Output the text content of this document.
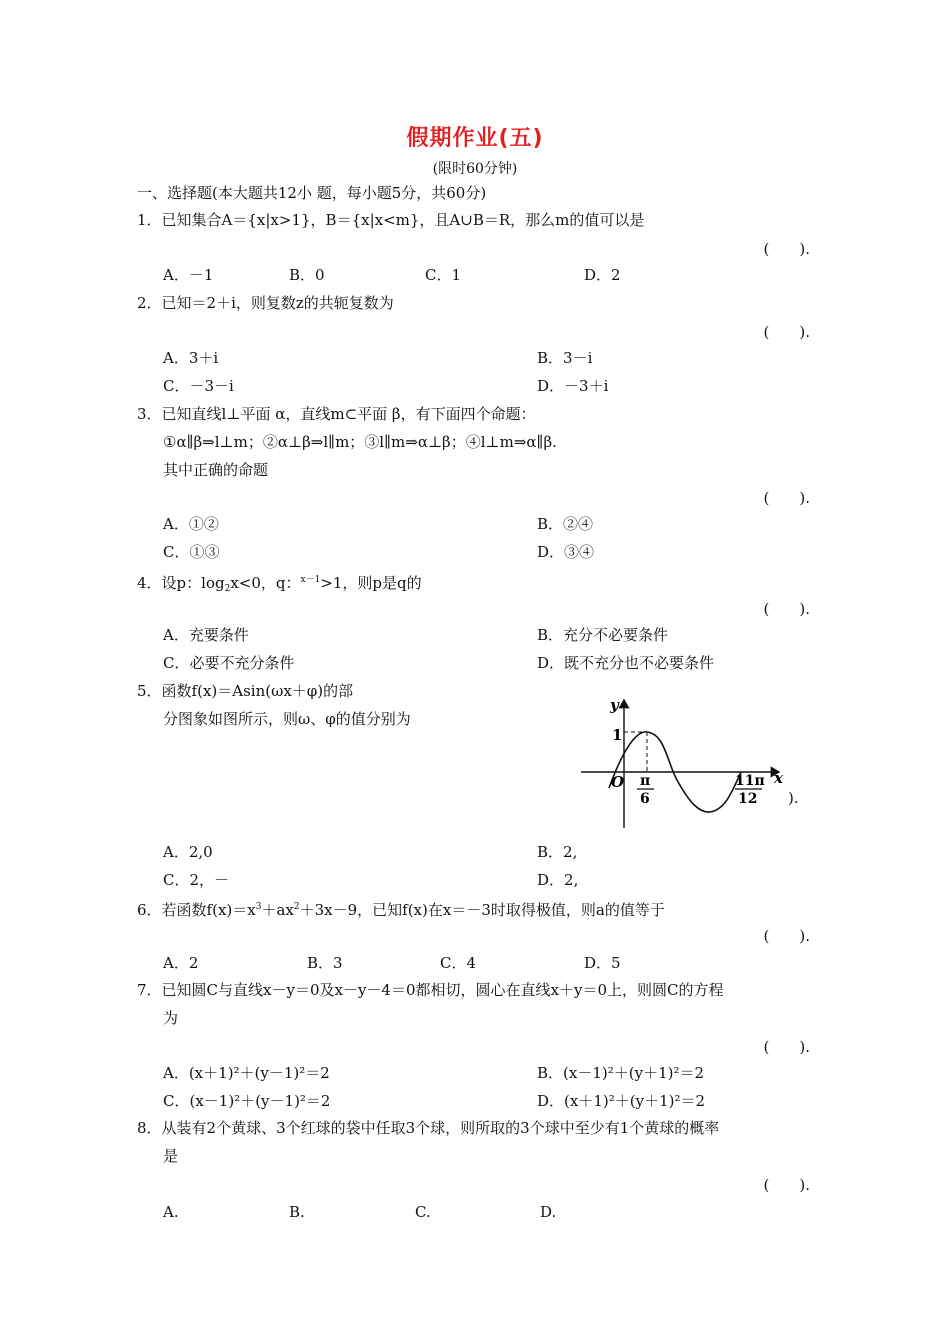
假期作业(五)
(限时60分钟)
一、选择题(本大题共12小 题，每小题5分，共60分)
1．已知集合A＝{x|x>1}，B＝{x|x<m}，且A∪B＝R，那么m的值可以是
(　　).
A．－1	B．0	C．1	D．2
2．已知＝2＋i，则复数z的共轭复数为
(　　).
A．3＋i	B．3－i
C．－3－i	D．－3＋i
3．已知直线l⊥平面 α，直线m⊂平面 β，有下面四个命题：
①α∥β⇒l⊥m；②α⊥β⇒l∥m；③l∥m⇒α⊥β；④l⊥m⇒α∥β.
其中正确的命题
(　　).
A．①②	B．②④
C．①③	D．③④
4．设p：$\log_2x<0$，q：$^{x-1}$>1，则p是q的
(　　).
A．充要条件	B．充分不必要条件
C．必要不充分条件	D．既不充分也不必要条件
5．函数f(x)＝Asin(ωx＋φ)的部
分图象如图所示，则ω、φ的值分别为
y
x
O
1
π
6
11π
12 ).
A．2,0	B．2,
C．2，－	D．2,
6．若函数$f(x)=x^3+ax^2+3x-9$，已知f(x)在x＝－3时取得极值，则a的值等于
(　　).
A．2	B．3	C．4	D．5
7．已知圆C与直线x－y＝0及x－y－4＝0都相切，圆心在直线x＋y＝0上，则圆C的方程
为
(　　).
A．(x＋1)²＋(y－1)²＝2	B．(x－1)²＋(y＋1)²＝2
C．(x－1)²＋(y－1)²＝2	D．(x＋1)²＋(y＋1)²＝2
8．从装有2个黄球、3个红球的袋中任取3个球，则所取的3个球中至少有1个黄球的概率
是
(　　).
A.	B.	C.	D.
